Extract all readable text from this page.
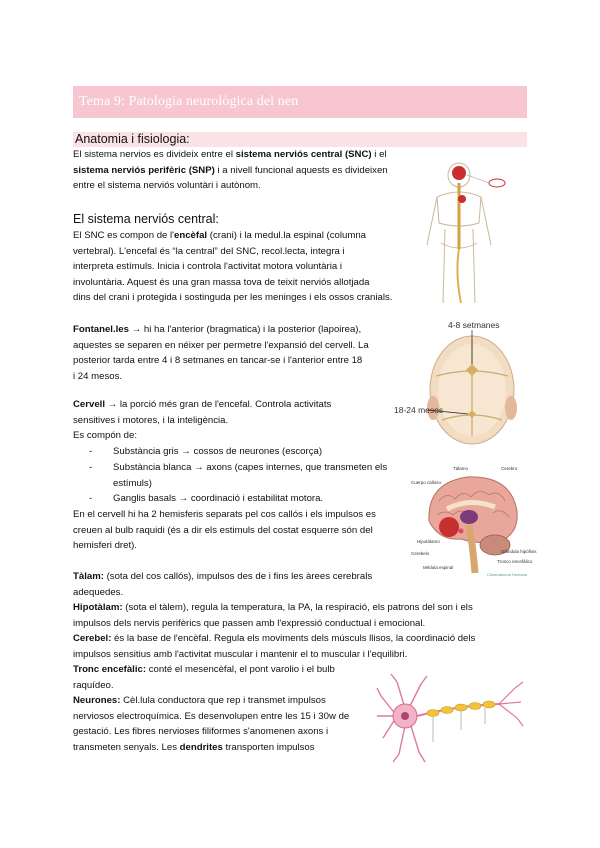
Tema 9: Patologia neurològica del nen
Anatomia i fisiologia:
El sistema nervios es divideix entre el sistema nerviós central (SNC) i el
sistema nerviós perifèric (SNP) i a nivell funcional aquests es divideixen
entre el sistema nerviós voluntàri i autònom.
El sistema nerviós central:
El SNC es compon de l'encèfal (crani) i la medul.la espinal (columna
vertebral). L'encefal és “la central” del SNC, recol.lecta, integra i
interpreta estímuls. Inicia i controla l'activitat motora voluntària i
involuntària. Aquest és una gran massa tova de teixit nerviós allotjada
dins del crani i protegida i sostinguda per les meninges i els ossos cranials.
Fontanel.les → hi ha l'anterior (bragmatica) i la posterior (lapoirea),
aquestes se separen en néixer per permetre l'expansió del cervell. La
posterior tarda entre 4 i 8 setmanes en tancar-se i l'anterior entre 18
i 24 mesos.
Cervell → la porció més gran de l'encefal. Controla activitats
sensitives i motores, i la inteligència.
Es compón de:
- Substància gris → cossos de neurones (escorça)
- Substància blanca → axons (capes internes, que transmeten els
estímuls)
- Ganglis basals → coordinació i estabilitat motora.
En el cervell hi ha 2 hemisferis separats pel cos callós i els impulsos es
creuen al bulb raquidi (és a dir els estimuls del costat esquerre són del
hemisferi dret).
Tàlam: (sota del cos callós), impulsos des de i fins les àrees cerebrals
adequedes.
Hipotàlam: (sota el tàlem), regula la temperatura, la PA, la respiració, els patrons del son i els
impulsos dels nervis perifèrics que passen amb l'expressió conductual i emocional.
Cerebel: és la base de l'encèfal. Regula els moviments dels músculs llisos, la coordinació dels
impulsos sensitius amb l'activitat muscular i mantenir el to muscular i l'equilibri.
Tronc encefàlic: conté el mesencèfal, el pont varolio i el bulb
raquídeo.
Neurones: Cèl.lula conductora que rep i transmet impulsos
nerviosos electroquímica. Es desenvolupen entre les 15 i 30w de
gestació. Les fibres nervioses filiformes s'anomenen axons i
transmeten senyals. Les dendrites transporten impulsos
4-8 setmanes
18-24 mesos
Tálamo	Cerebro
Cuerpo calloso
Hipotálamo
Cerebelo	Glándula hipófisis
Tronco encefálico
Médula espinal
Citoanatomía Humana
